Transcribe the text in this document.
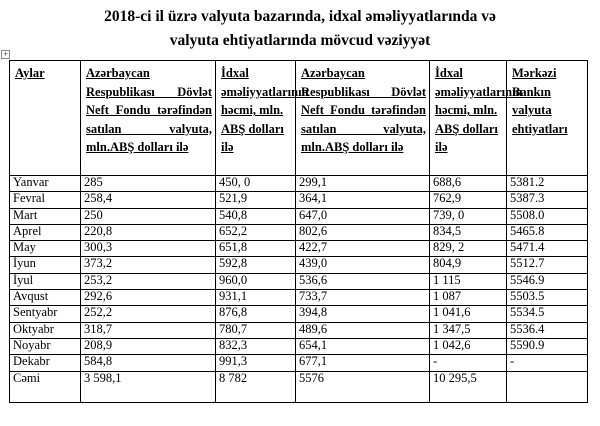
2018-ci il üzrə valyuta bazarında, idxal əməliyyatlarında və
valyuta ehtiyatlarında mövcud vəziyyət
+
Aylar	Azərbaycan Respublikası Dövlət Neft Fondu tərəfindən satılan valyuta, mln.ABŞ dolları ilə	İdxal əməliyyatlarının həcmi, mln. ABŞ dolları ilə	Azərbaycan Respublikası Dövlət Neft Fondu tərəfindən satılan valyuta, mln.ABŞ dolları ilə	İdxal əməliyyatlarının həcmi, mln. ABŞ dolları ilə	Mərkəzi Bankın valyuta ehtiyatları
Yanvar	285	450, 0	299,1	688,6	5381.2
Fevral	258,4	521,9	364,1	762,9	5387.3
Mart	250	540,8	647,0	739, 0	5508.0
Aprel	220,8	652,2	802,6	834,5	5465.8
May	300,3	651,8	422,7	829, 2	5471.4
İyun	373,2	592,8	439,0	804,9	5512.7
İyul	253,2	960,0	536,6	1 115	5546.9
Avqust	292,6	931,1	733,7	1 087	5503.5
Sentyabr	252,2	876,8	394,8	1 041,6	5534.5
Oktyabr	318,7	780,7	489,6	1 347,5	5536.4
Noyabr	208,9	832,3	654,1	1 042,6	5590.9
Dekabr	584,8	991,3	677,1	-	-
Cəmi	3 598,1	8 782	5576	10 295,5	
